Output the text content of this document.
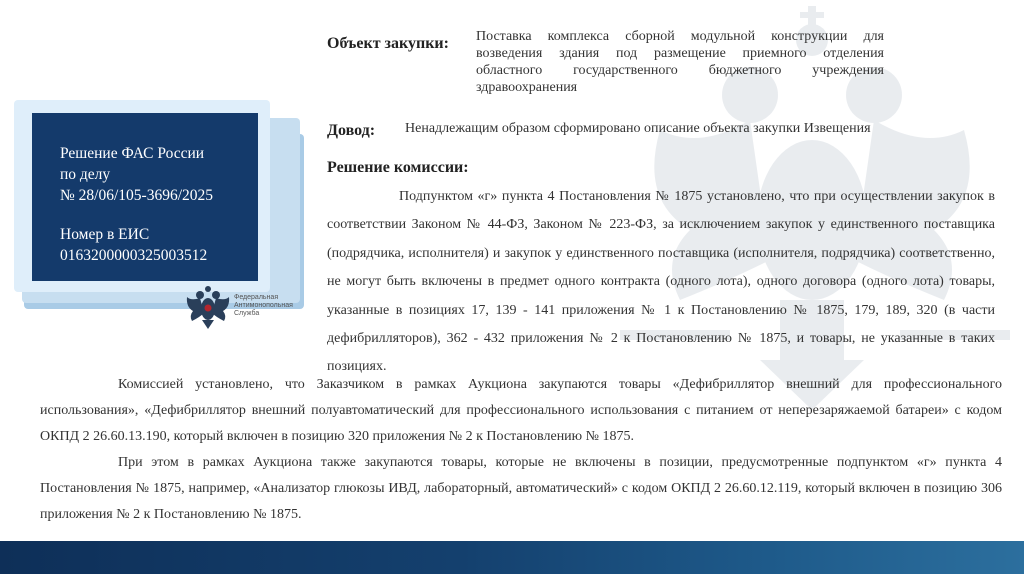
Решение ФАС России
по делу
№ 28/06/105-3696/2025
Номер в ЕИС
0163200000325003512
Федеральная
Антимонопольная
Служба
Объект закупки: Поставка комплекса сборной модульной конструкции для возведения здания под размещение приемного отделения областного государственного бюджетного учреждения здравоохранения
Довод: Ненадлежащим образом сформировано описание объекта закупки Извещения
Решение комиссии:
Подпунктом «г» пункта 4 Постановления № 1875 установлено, что при осуществлении закупок в соответствии Законом № 44-ФЗ, Законом № 223-ФЗ, за исключением закупок у единственного поставщика (подрядчика, исполнителя) и закупок у единственного поставщика (исполнителя, подрядчика) соответственно, не могут быть включены в предмет одного контракта (одного лота), одного договора (одного лота) товары, указанные в позициях 17, 139 - 141 приложения № 1 к Постановлению № 1875, 179, 189, 320 (в части дефибрилляторов), 362 - 432 приложения № 2 к Постановлению № 1875, и товары, не указанные в таких позициях.
Комиссией установлено, что Заказчиком в рамках Аукциона закупаются товары «Дефибриллятор внешний для профессионального использования», «Дефибриллятор внешний полуавтоматический для профессионального использования с питанием от неперезаряжаемой батареи» с кодом ОКПД 2 26.60.13.190, который включен в позицию 320 приложения № 2 к Постановлению № 1875.
При этом в рамках Аукциона также закупаются товары, которые не включены в позиции, предусмотренные подпунктом «г» пункта 4 Постановления № 1875, например, «Анализатор глюкозы ИВД, лабораторный, автоматический» с кодом ОКПД 2 26.60.12.119, который включен в позицию 306 приложения № 2 к Постановлению № 1875.
